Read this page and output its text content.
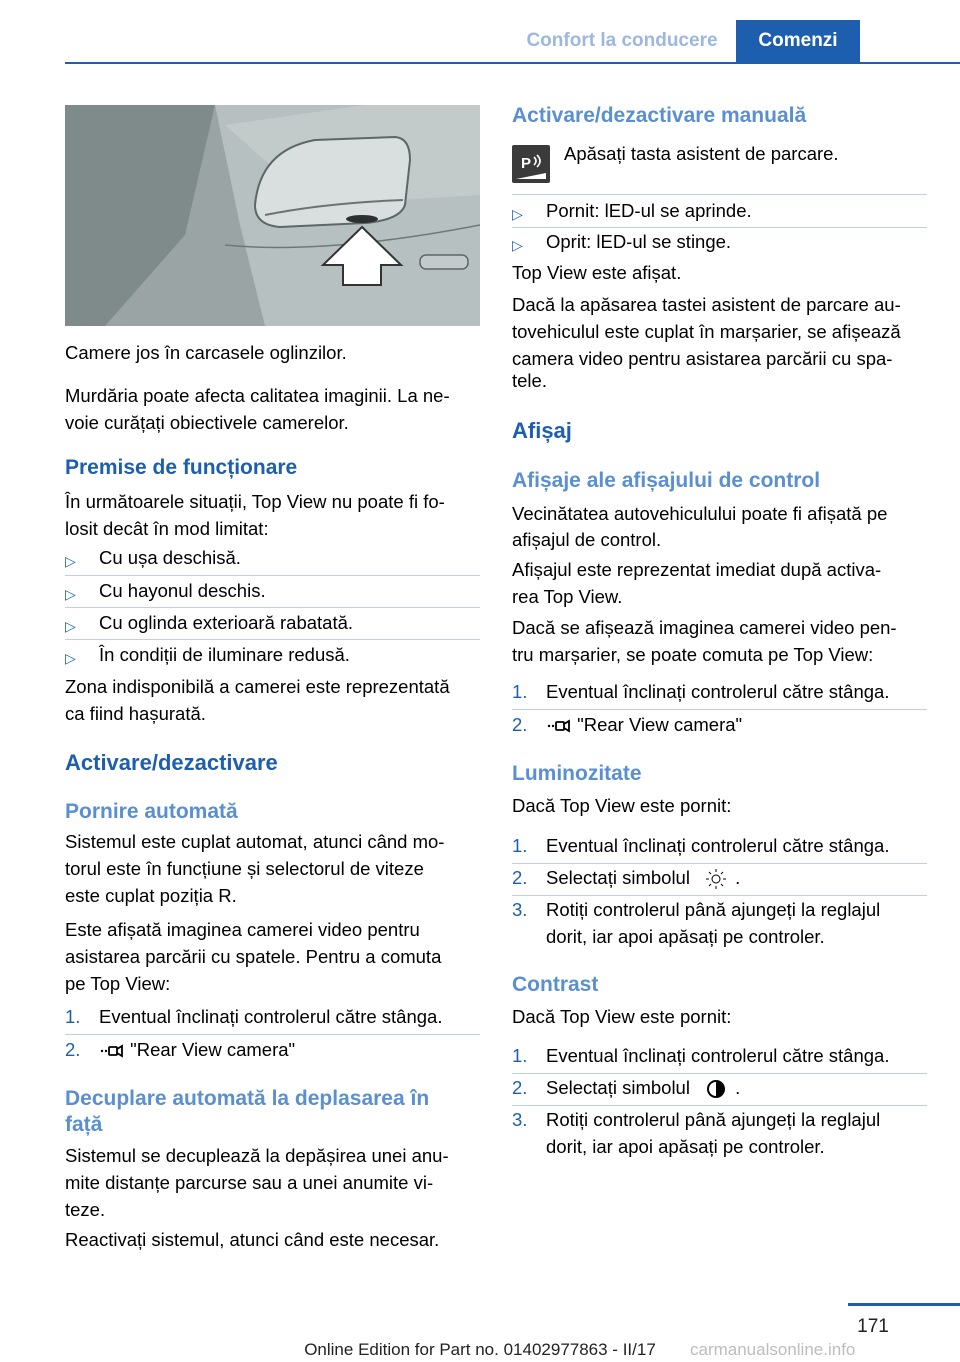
Confort la conducere	Comenzi

Camere jos în carcasele oglinzilor.

Murdăria poate afecta calitatea imaginii. La ne‐

voie curățați obiectivele camerelor.

Premise de funcționare

În următoarele situații, Top View nu poate fi fo‐

losit decât în mod limitat:

▷ Cu ușa deschisă.
▷ Cu hayonul deschis.
▷ Cu oglinda exterioară rabatată.
▷ În condiții de iluminare redusă.

Zona indisponibilă a camerei este reprezentată

ca fiind hașurată.

Activare/dezactivare
Pornire automată

Sistemul este cuplat automat, atunci când mo‐

torul este în funcțiune și selectorul de viteze

este cuplat poziția R.

Este afișată imaginea camerei video pentru

asistarea parcării cu spatele. Pentru a comuta

pe Top View:

1. Eventual înclinați controlerul către stânga.
2.	"Rear View camera"
Decuplare automată la deplasarea în
față

Sistemul se decuplează la depășirea unei anu‐

mite distanțe parcurse sau a unei anumite vi‐

teze.

Reactivați sistemul, atunci când este necesar.

Activare/dezactivare manuală
P Apăsați tasta asistent de parcare.

▷ Pornit: lED-ul se aprinde.
▷ Oprit: lED-ul se stinge.

Top View este afișat.

Dacă la apăsarea tastei asistent de parcare au‐

tovehiculul este cuplat în marșarier, se afișează

camera video pentru asistarea parcării cu spa‐

tele.

Afișaj
Afișaje ale afișajului de control

Vecinătatea autovehiculului poate fi afișată pe

afișajul de control.

Afișajul este reprezentat imediat după activa‐

rea Top View.

Dacă se afișează imaginea camerei video pen‐

tru marșarier, se poate comuta pe Top View:

1. Eventual înclinați controlerul către stânga.
2.	"Rear View camera"
Luminozitate

Dacă Top View este pornit:

1. Eventual înclinați controlerul către stânga.
2. Selectați simbolul .
3. Rotiți controlerul până ajungeți la reglajul

dorit, iar apoi apăsați pe controler.

Contrast

Dacă Top View este pornit:

1. Eventual înclinați controlerul către stânga.
2. Selectați simbolul .
3. Rotiți controlerul până ajungeți la reglajul

dorit, iar apoi apăsați pe controler.

171
Online Edition for Part no. 01402977863 - II/17	carmanualsonline.info
